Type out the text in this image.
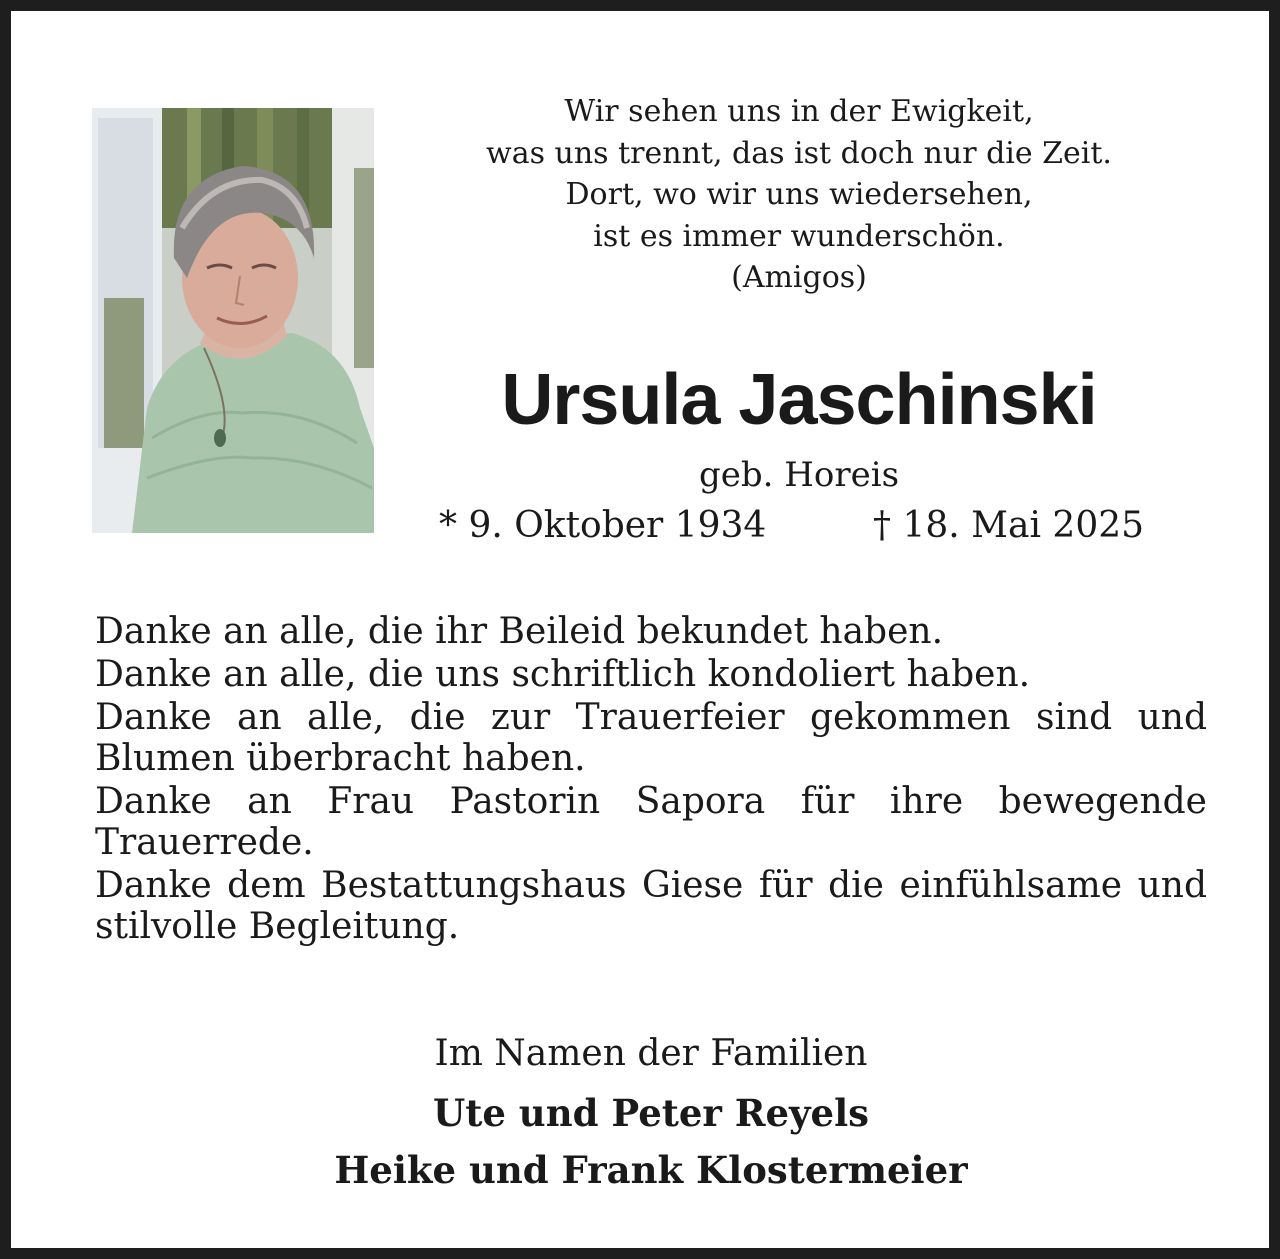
Wir sehen uns in der Ewigkeit,
was uns trennt, das ist doch nur die Zeit.
Dort, wo wir uns wiedersehen,
ist es immer wunderschön.
(Amigos)
Ursula Jaschinski
geb. Horeis
* 9. Oktober 1934	† 18. Mai 2025

Danke an alle, die ihr Beileid bekundet haben.

Danke an alle, die uns schriftlich kondoliert haben.

Danke an alle, die zur Trauerfeier gekommen sind und Blumen überbracht haben.

Danke an Frau Pastorin Sapora für ihre bewegende Trauerrede.

Danke dem Bestattungshaus Giese für die einfühlsame und stilvolle Begleitung.

Im Namen der Familien
Ute und Peter Reyels
Heike und Frank Klostermeier
